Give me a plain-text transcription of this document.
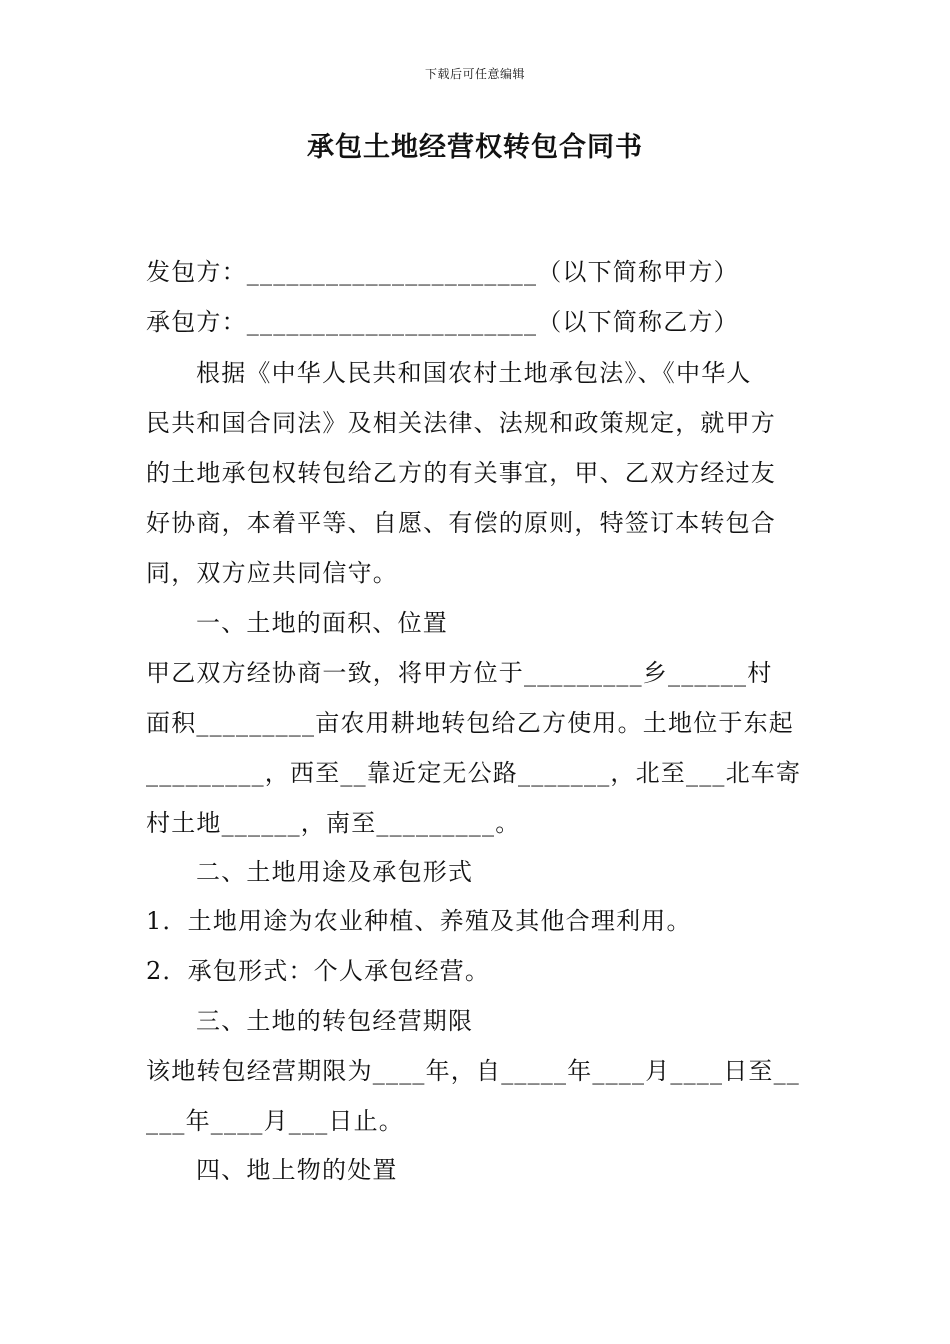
下载后可任意编辑
承包土地经营权转包合同书
发包方：______________________（以下简称甲方）
承包方：______________________（以下简称乙方）
根据《中华人民共和国农村土地承包法》、《中华人
民共和国合同法》及相关法律、法规和政策规定，就甲方
的土地承包权转包给乙方的有关事宜，甲、乙双方经过友
好协商，本着平等、自愿、有偿的原则，特签订本转包合
同，双方应共同信守。
一、土地的面积、位置
甲乙双方经协商一致，将甲方位于_________乡______村
面积_________亩农用耕地转包给乙方使用。土地位于东起
_________，西至__靠近定无公路_______，北至___北车寄
村土地______，南至_________。
二、土地用途及承包形式
1．土地用途为农业种植、养殖及其他合理利用。
2．承包形式：个人承包经营。
三、土地的转包经营期限
该地转包经营期限为____年，自_____年____月____日至__
___年____月___日止。
四、地上物的处置
